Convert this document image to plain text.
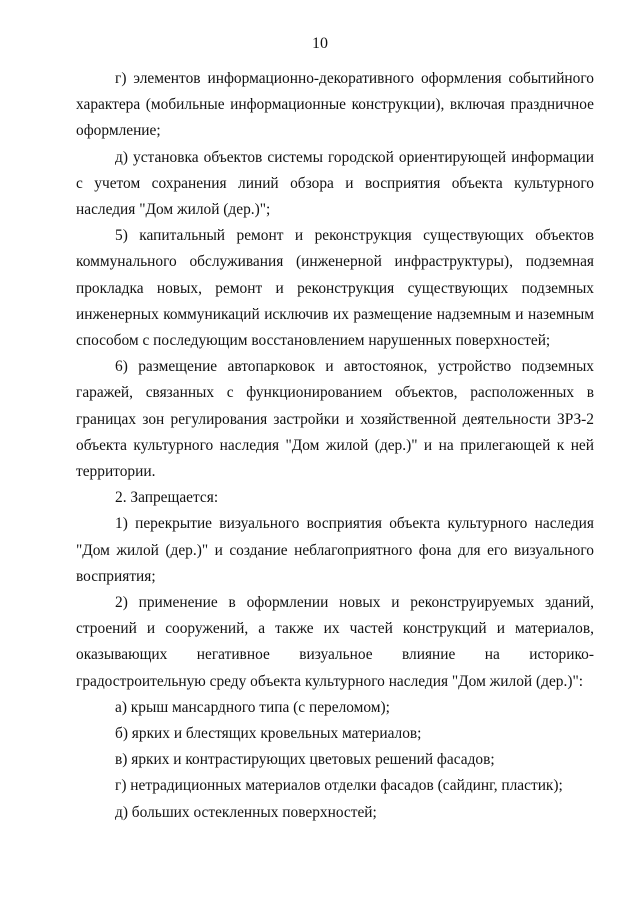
10

г) элементов информационно-декоративного оформления событийного характера (мобильные информационные конструкции), включая праздничное оформление;

д) установка объектов системы городской ориентирующей информации с учетом сохранения линий обзора и восприятия объекта культурного наследия "Дом жилой (дер.)";

5) капитальный ремонт и реконструкция существующих объектов коммунального обслуживания (инженерной инфраструктуры), подземная прокладка новых, ремонт и реконструкция существующих подземных инженерных коммуникаций исключив их размещение надземным и наземным способом с последующим восстановлением нарушенных поверхностей;

6) размещение автопарковок и автостоянок, устройство подземных гаражей, связанных с функционированием объектов, расположенных в границах зон регулирования застройки и хозяйственной деятельности ЗРЗ-2 объекта культурного наследия "Дом жилой (дер.)" и на прилегающей к ней территории.

2. Запрещается:

1) перекрытие визуального восприятия объекта культурного наследия "Дом жилой (дер.)" и создание неблагоприятного фона для его визуального восприятия;

2) применение в оформлении новых и реконструируемых зданий, строений и сооружений, а также их частей конструкций и материалов, оказывающих негативное визуальное влияние на историко-градостроительную среду объекта культурного наследия "Дом жилой (дер.)":

а) крыш мансардного типа (с переломом);

б) ярких и блестящих кровельных материалов;

в) ярких и контрастирующих цветовых решений фасадов;

г) нетрадиционных материалов отделки фасадов (сайдинг, пластик);

д) больших остекленных поверхностей;
